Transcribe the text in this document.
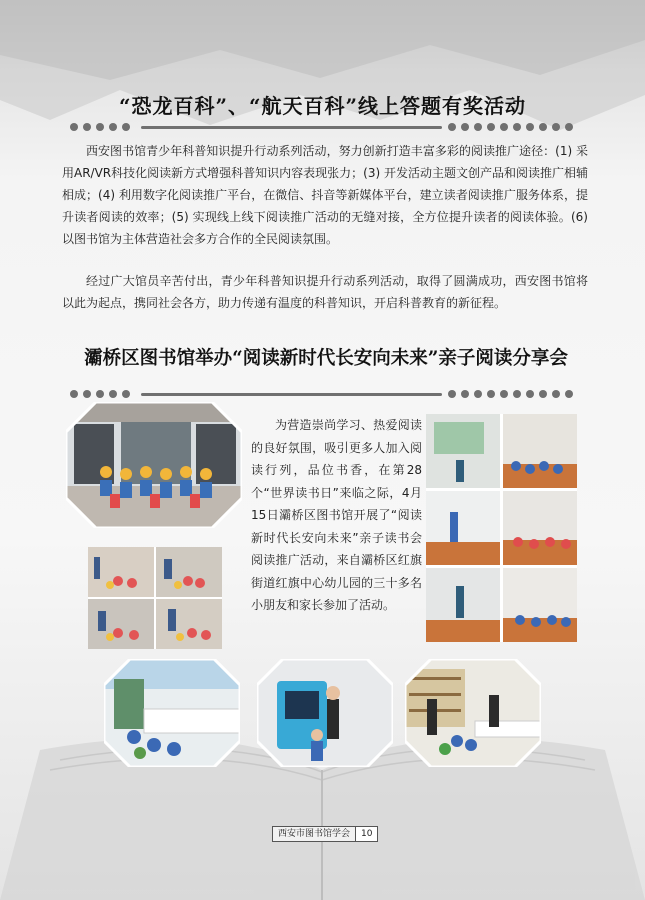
“恐龙百科”、“航天百科”线上答题有奖活动

西安图书馆青少年科普知识提升行动系列活动，努力创新打造丰富多彩的阅读推广途径：(1) 采用AR/VR科技化阅读新方式增强科普知识内容表现张力；(3) 开发活动主题文创产品和阅读推广相辅相成；(4) 利用数字化阅读推广平台，在微信、抖音等新媒体平台，建立读者阅读推广服务体系，提升读者阅读的效率；(5) 实现线上线下阅读推广活动的无缝对接，全方位提升读者的阅读体验。(6) 以图书馆为主体营造社会多方合作的全民阅读氛围。

经过广大馆员辛苦付出，青少年科普知识提升行动系列活动，取得了圆满成功，西安图书馆将以此为起点，携同社会各方，助力传递有温度的科普知识，开启科普教育的新征程。

灞桥区图书馆举办“阅读新时代长安向未来”亲子阅读分享会

为营造崇尚学习、热爱阅读的良好氛围，吸引更多人加入阅读行列，品位书香，在第28个“世界读书日”来临之际，4月15日灞桥区图书馆开展了“阅读新时代长安向未来”亲子读书会阅读推广活动，来自灞桥区红旗街道红旗中心幼儿园的三十多名小朋友和家长参加了活动。

西安市图书馆学会	10
